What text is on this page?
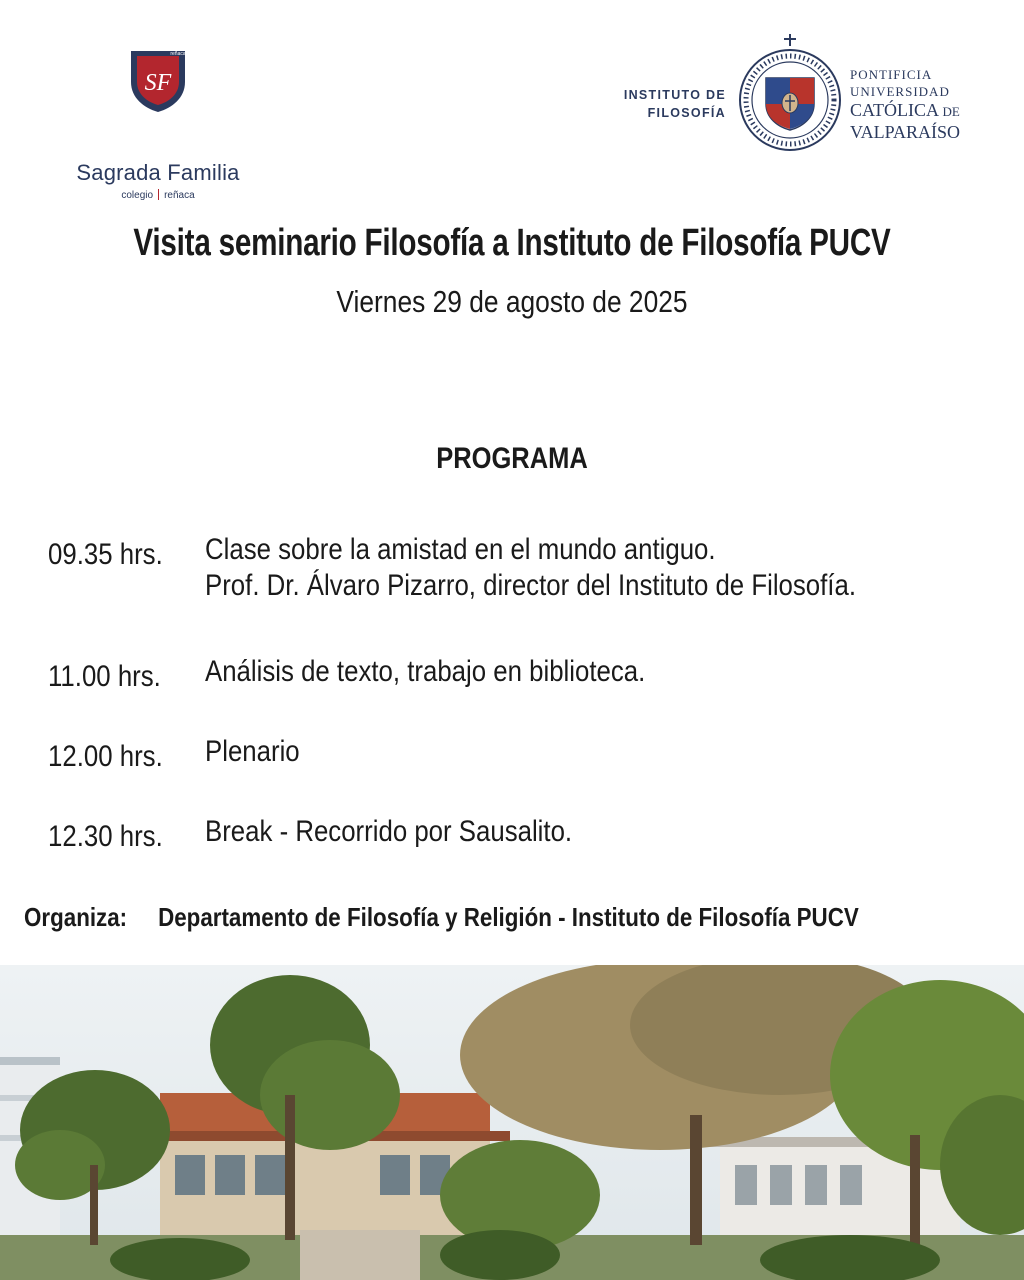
SF
reñaca
Sagrada Familia
colegio reñaca
INSTITUTO DE
FILOSOFÍA
PONTIFICIA
UNIVERSIDAD
CATÓLICA DE
VALPARAÍSO
Visita seminario Filosofía a Instituto de Filosofía PUCV
Viernes 29 de agosto de 2025
PROGRAMA
09.35 hrs. Clase sobre la amistad en el mundo antiguo.
Prof. Dr. Álvaro Pizarro, director del Instituto de Filosofía.
11.00 hrs. Análisis de texto, trabajo en biblioteca.
12.00 hrs. Plenario
12.30 hrs. Break - Recorrido por Sausalito.
Organiza: Departamento de Filosofía y Religión - Instituto de Filosofía PUCV
